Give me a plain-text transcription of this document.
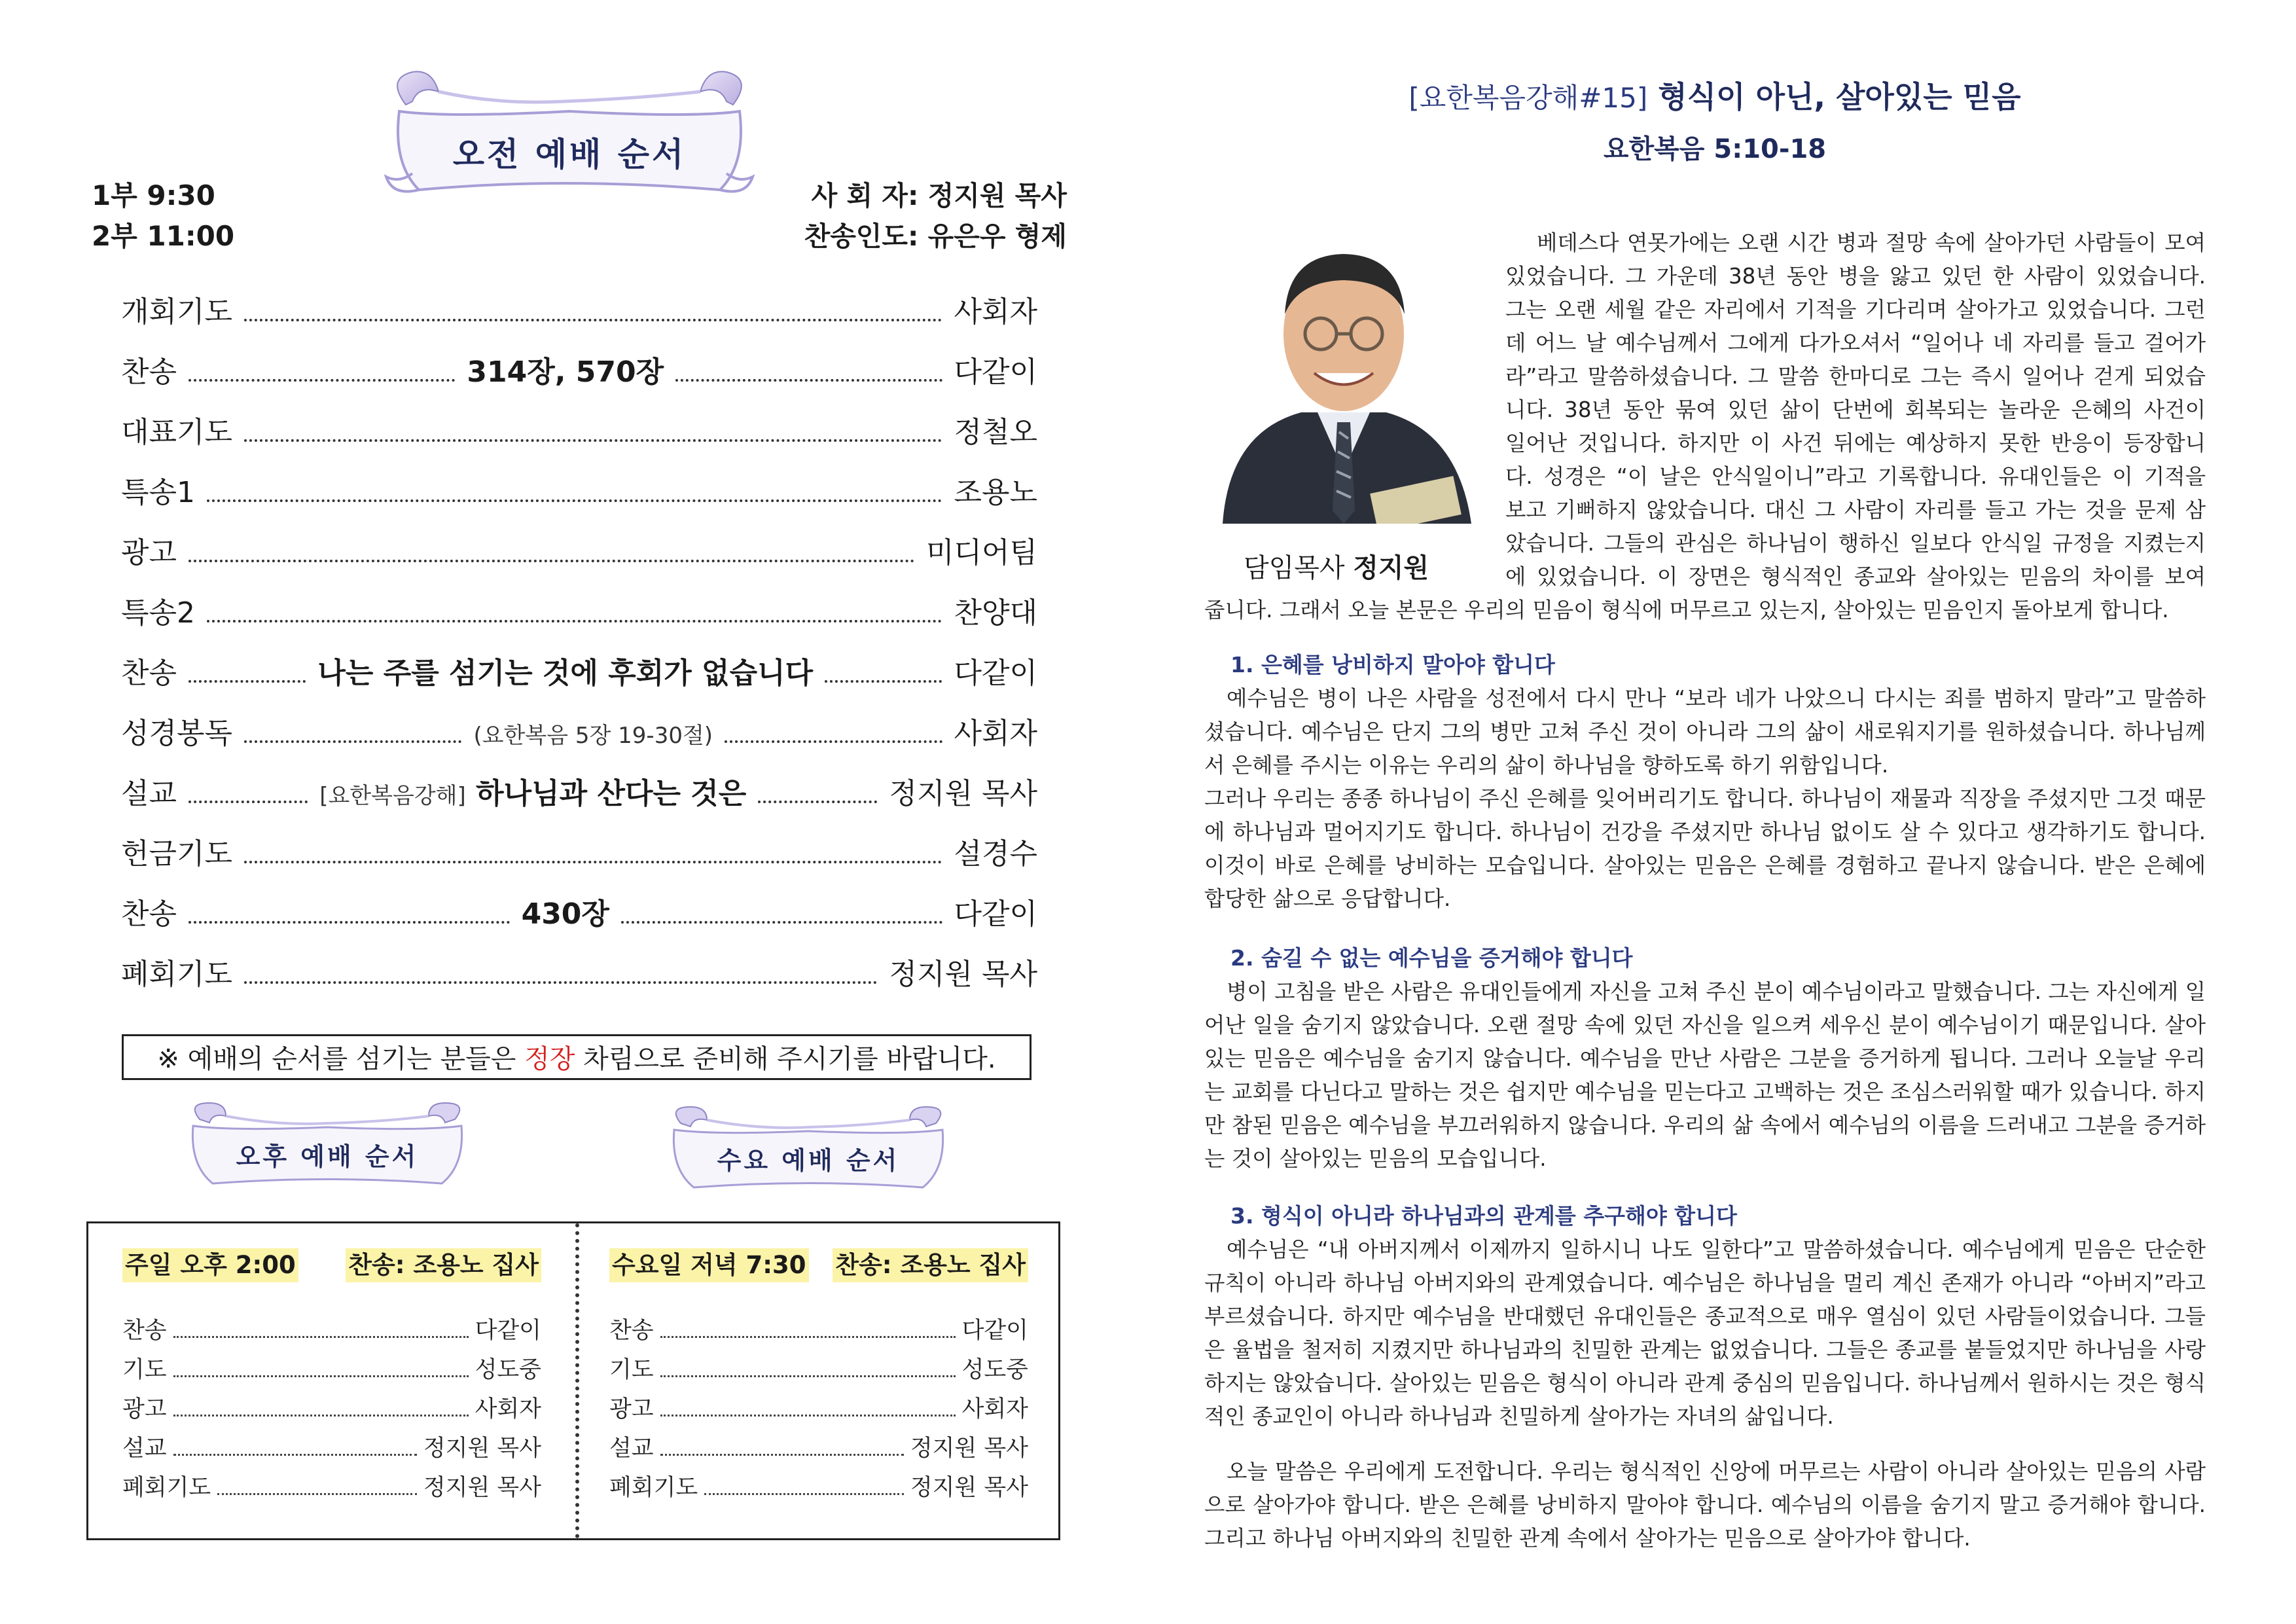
오전 예배 순서
1부 9:30
2부 11:00
사 회 자: 정지원 목사
찬송인도: 유은우 형제
개회기도	사회자
찬송	314장, 570장	다같이
대표기도	정철오
특송1	조용노
광고	미디어팀
특송2	찬양대
찬송	나는 주를 섬기는 것에 후회가 없습니다	다같이
성경봉독	(요한복음 5장 19-30절)	사회자
설교	[요한복음강해] 하나님과 산다는 것은	정지원 목사
헌금기도	설경수
찬송	430장	다같이
폐회기도	정지원 목사
※ 예배의 순서를 섬기는 분들은 정장 차림으로 준비해 주시기를 바랍니다.
오후 예배 순서	수요 예배 순서
주일 오후 2:00 찬송: 조용노 집사
찬송	다같이
기도	성도중
광고	사회자
설교	정지원 목사
폐회기도	정지원 목사
수요일 저녁 7:30 찬송: 조용노 집사
찬송	다같이
기도	성도중
광고	사회자
설교	정지원 목사
폐회기도	정지원 목사
[요한복음강해#15] 형식이 아닌, 살아있는 믿음
요한복음 5:10-18
담임목사 정지원
베데스다 연못가에는 오랜 시간 병과 절망 속에 살아가던 사람들이 모여
있었습니다. 그 가운데 38년 동안 병을 앓고 있던 한 사람이 있었습니다.
그는 오랜 세월 같은 자리에서 기적을 기다리며 살아가고 있었습니다. 그런
데 어느 날 예수님께서 그에게 다가오셔서 “일어나 네 자리를 들고 걸어가
라”라고 말씀하셨습니다. 그 말씀 한마디로 그는 즉시 일어나 걷게 되었습
니다. 38년 동안 묶여 있던 삶이 단번에 회복되는 놀라운 은혜의 사건이
일어난 것입니다. 하지만 이 사건 뒤에는 예상하지 못한 반응이 등장합니
다. 성경은 “이 날은 안식일이니”라고 기록합니다. 유대인들은 이 기적을
보고 기뻐하지 않았습니다. 대신 그 사람이 자리를 들고 가는 것을 문제 삼
았습니다. 그들의 관심은 하나님이 행하신 일보다 안식일 규정을 지켰는지
에 있었습니다. 이 장면은 형식적인 종교와 살아있는 믿음의 차이를 보여
줍니다. 그래서 오늘 본문은 우리의 믿음이 형식에 머무르고 있는지, 살아있는 믿음인지 돌아보게 합니다.
1. 은혜를 낭비하지 말아야 합니다
예수님은 병이 나은 사람을 성전에서 다시 만나 “보라 네가 나았으니 다시는 죄를 범하지 말라”고 말씀하셨습니다. 예수님은 단지 그의 병만 고쳐 주신 것이 아니라 그의 삶이 새로워지기를 원하셨습니다. 하나님께서 은혜를 주시는 이유는 우리의 삶이 하나님을 향하도록 하기 위함입니다.
그러나 우리는 종종 하나님이 주신 은혜를 잊어버리기도 합니다. 하나님이 재물과 직장을 주셨지만 그것 때문에 하나님과 멀어지기도 합니다. 하나님이 건강을 주셨지만 하나님 없이도 살 수 있다고 생각하기도 합니다. 이것이 바로 은혜를 낭비하는 모습입니다. 살아있는 믿음은 은혜를 경험하고 끝나지 않습니다. 받은 은혜에 합당한 삶으로 응답합니다.
2. 숨길 수 없는 예수님을 증거해야 합니다
병이 고침을 받은 사람은 유대인들에게 자신을 고쳐 주신 분이 예수님이라고 말했습니다. 그는 자신에게 일어난 일을 숨기지 않았습니다. 오랜 절망 속에 있던 자신을 일으켜 세우신 분이 예수님이기 때문입니다. 살아있는 믿음은 예수님을 숨기지 않습니다. 예수님을 만난 사람은 그분을 증거하게 됩니다. 그러나 오늘날 우리는 교회를 다닌다고 말하는 것은 쉽지만 예수님을 믿는다고 고백하는 것은 조심스러워할 때가 있습니다. 하지만 참된 믿음은 예수님을 부끄러워하지 않습니다. 우리의 삶 속에서 예수님의 이름을 드러내고 그분을 증거하는 것이 살아있는 믿음의 모습입니다.
3. 형식이 아니라 하나님과의 관계를 추구해야 합니다
예수님은 “내 아버지께서 이제까지 일하시니 나도 일한다”고 말씀하셨습니다. 예수님에게 믿음은 단순한 규칙이 아니라 하나님 아버지와의 관계였습니다. 예수님은 하나님을 멀리 계신 존재가 아니라 “아버지”라고 부르셨습니다. 하지만 예수님을 반대했던 유대인들은 종교적으로 매우 열심이 있던 사람들이었습니다. 그들은 율법을 철저히 지켰지만 하나님과의 친밀한 관계는 없었습니다. 그들은 종교를 붙들었지만 하나님을 사랑하지는 않았습니다. 살아있는 믿음은 형식이 아니라 관계 중심의 믿음입니다. 하나님께서 원하시는 것은 형식적인 종교인이 아니라 하나님과 친밀하게 살아가는 자녀의 삶입니다.
오늘 말씀은 우리에게 도전합니다. 우리는 형식적인 신앙에 머무르는 사람이 아니라 살아있는 믿음의 사람으로 살아가야 합니다. 받은 은혜를 낭비하지 말아야 합니다. 예수님의 이름을 숨기지 말고 증거해야 합니다. 그리고 하나님 아버지와의 친밀한 관계 속에서 살아가는 믿음으로 살아가야 합니다.
